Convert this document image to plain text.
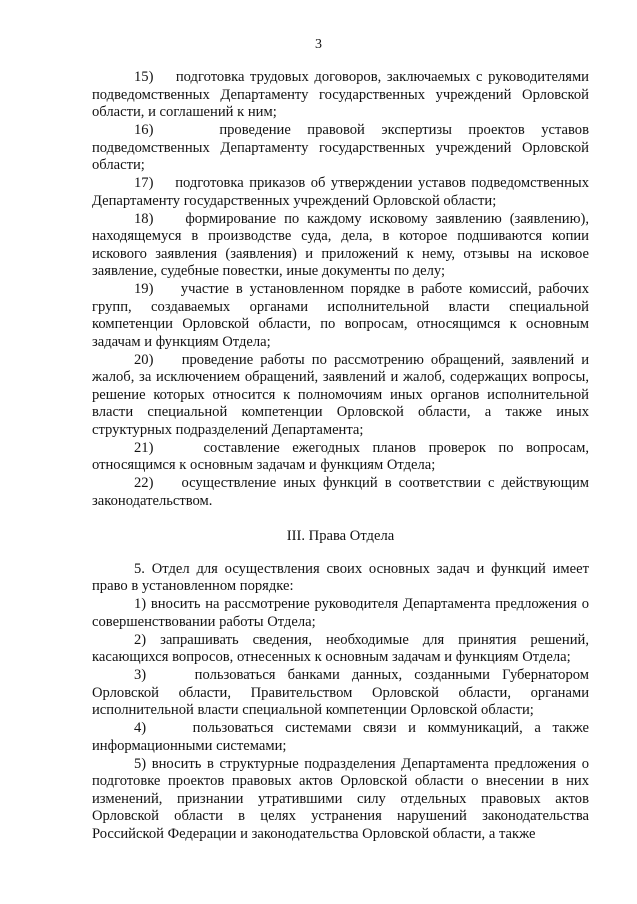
3

15)    подготовка трудовых договоров, заключаемых с руководителями подведомственных Департаменту государственных учреждений Орловской области, и соглашений к ним;

16)    проведение правовой экспертизы проектов уставов подведомственных Департаменту государственных учреждений Орловской области;

17)    подготовка приказов об утверждении уставов подведомственных Департаменту государственных учреждений Орловской области;

18)    формирование по каждому исковому заявлению (заявлению), находящемуся в производстве суда, дела, в которое подшиваются копии искового заявления (заявления) и приложений к нему, отзывы на исковое заявление, судебные повестки, иные документы по делу;

19)    участие в установленном порядке в работе комиссий, рабочих групп, создаваемых органами исполнительной власти специальной компетенции Орловской области, по вопросам, относящимся к основным задачам и функциям Отдела;

20)    проведение работы по рассмотрению обращений, заявлений и жалоб, за исключением обращений, заявлений и жалоб, содержащих вопросы, решение которых относится к полномочиям иных органов исполнительной власти специальной компетенции Орловской области, а также иных структурных подразделений Департамента;

21)    составление ежегодных планов проверок по вопросам, относящимся к основным задачам и функциям Отдела;

22)    осуществление иных функций в соответствии с действующим законодательством.

III. Права Отдела

5. Отдел для осуществления своих основных задач и функций имеет право в установленном порядке:

1) вносить на рассмотрение руководителя Департамента предложения о совершенствовании работы Отдела;

2) запрашивать сведения, необходимые для принятия решений, касающихся вопросов, отнесенных к основным задачам и функциям Отдела;

3)    пользоваться банками данных, созданными Губернатором Орловской области, Правительством Орловской области, органами исполнительной власти специальной компетенции Орловской области;

4)    пользоваться системами связи и коммуникаций, а также информационными системами;

5) вносить в структурные подразделения Департамента предложения о подготовке проектов правовых актов Орловской области о внесении в них изменений, признании утратившими силу отдельных правовых актов Орловской области в целях устранения нарушений законодательства Российской Федерации и законодательства Орловской области, а также
